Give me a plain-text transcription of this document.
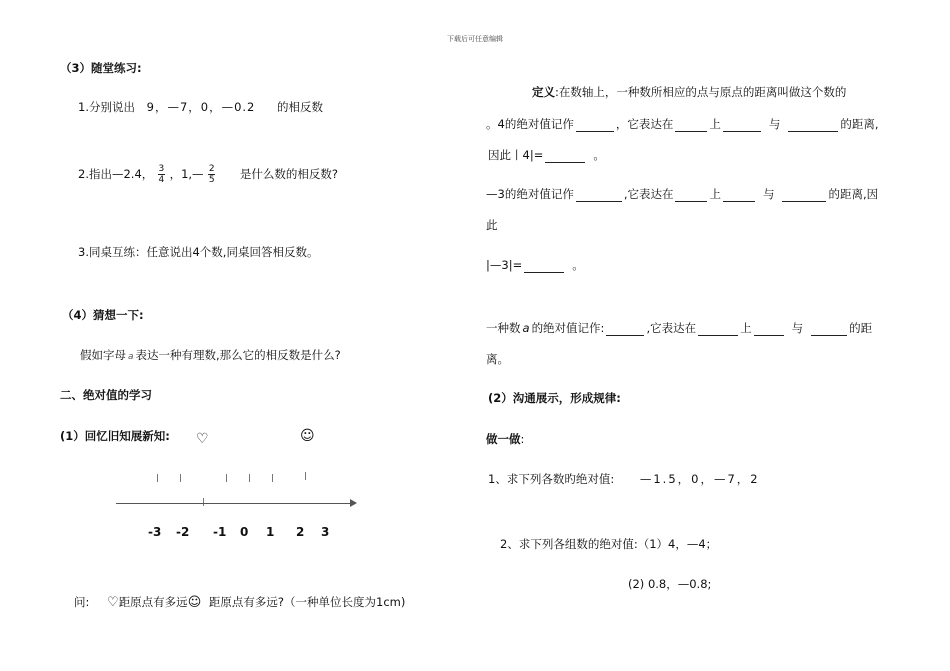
下载后可任意编辑
（3）随堂练习:
1.分别说出 9，—7，0，—0.2 的相反数
2.指出—2.4， $\frac{3}{4}$ ，1,— $\frac{2}{5}$ 是什么数的相反数?
3.同桌互练：任意说出4个数,同桌回答相反数。
（4）猜想一下:
假如字母 a 表达一种有理数,那么它的相反数是什么?
二、绝对值的学习
(1）回忆旧知展新知: ♡	☺
-3 -2 -1 0 1 2 3
问: ♡距原点有多远☺ 距原点有多远?（一种单位长度为1cm)
定义:在数轴上，一种数所相应的点与原点的距离叫做这个数的
。4的绝对值记作	，它表达在	上	与	的距离,
因此丨4|=	。
—3的绝对值记作	,它表达在	上	与	的距离,因
此
|—3|=	。
一种数 a 的绝对值记作:	,它表达在	上	与	的距
离。
(2）沟通展示，形成规律:
做一做:
1、求下列各数旳绝对值: —1.5，0，—7，2
2、求下列各组数的绝对值:（1）4，—4；
(2) 0.8，—0.8;
